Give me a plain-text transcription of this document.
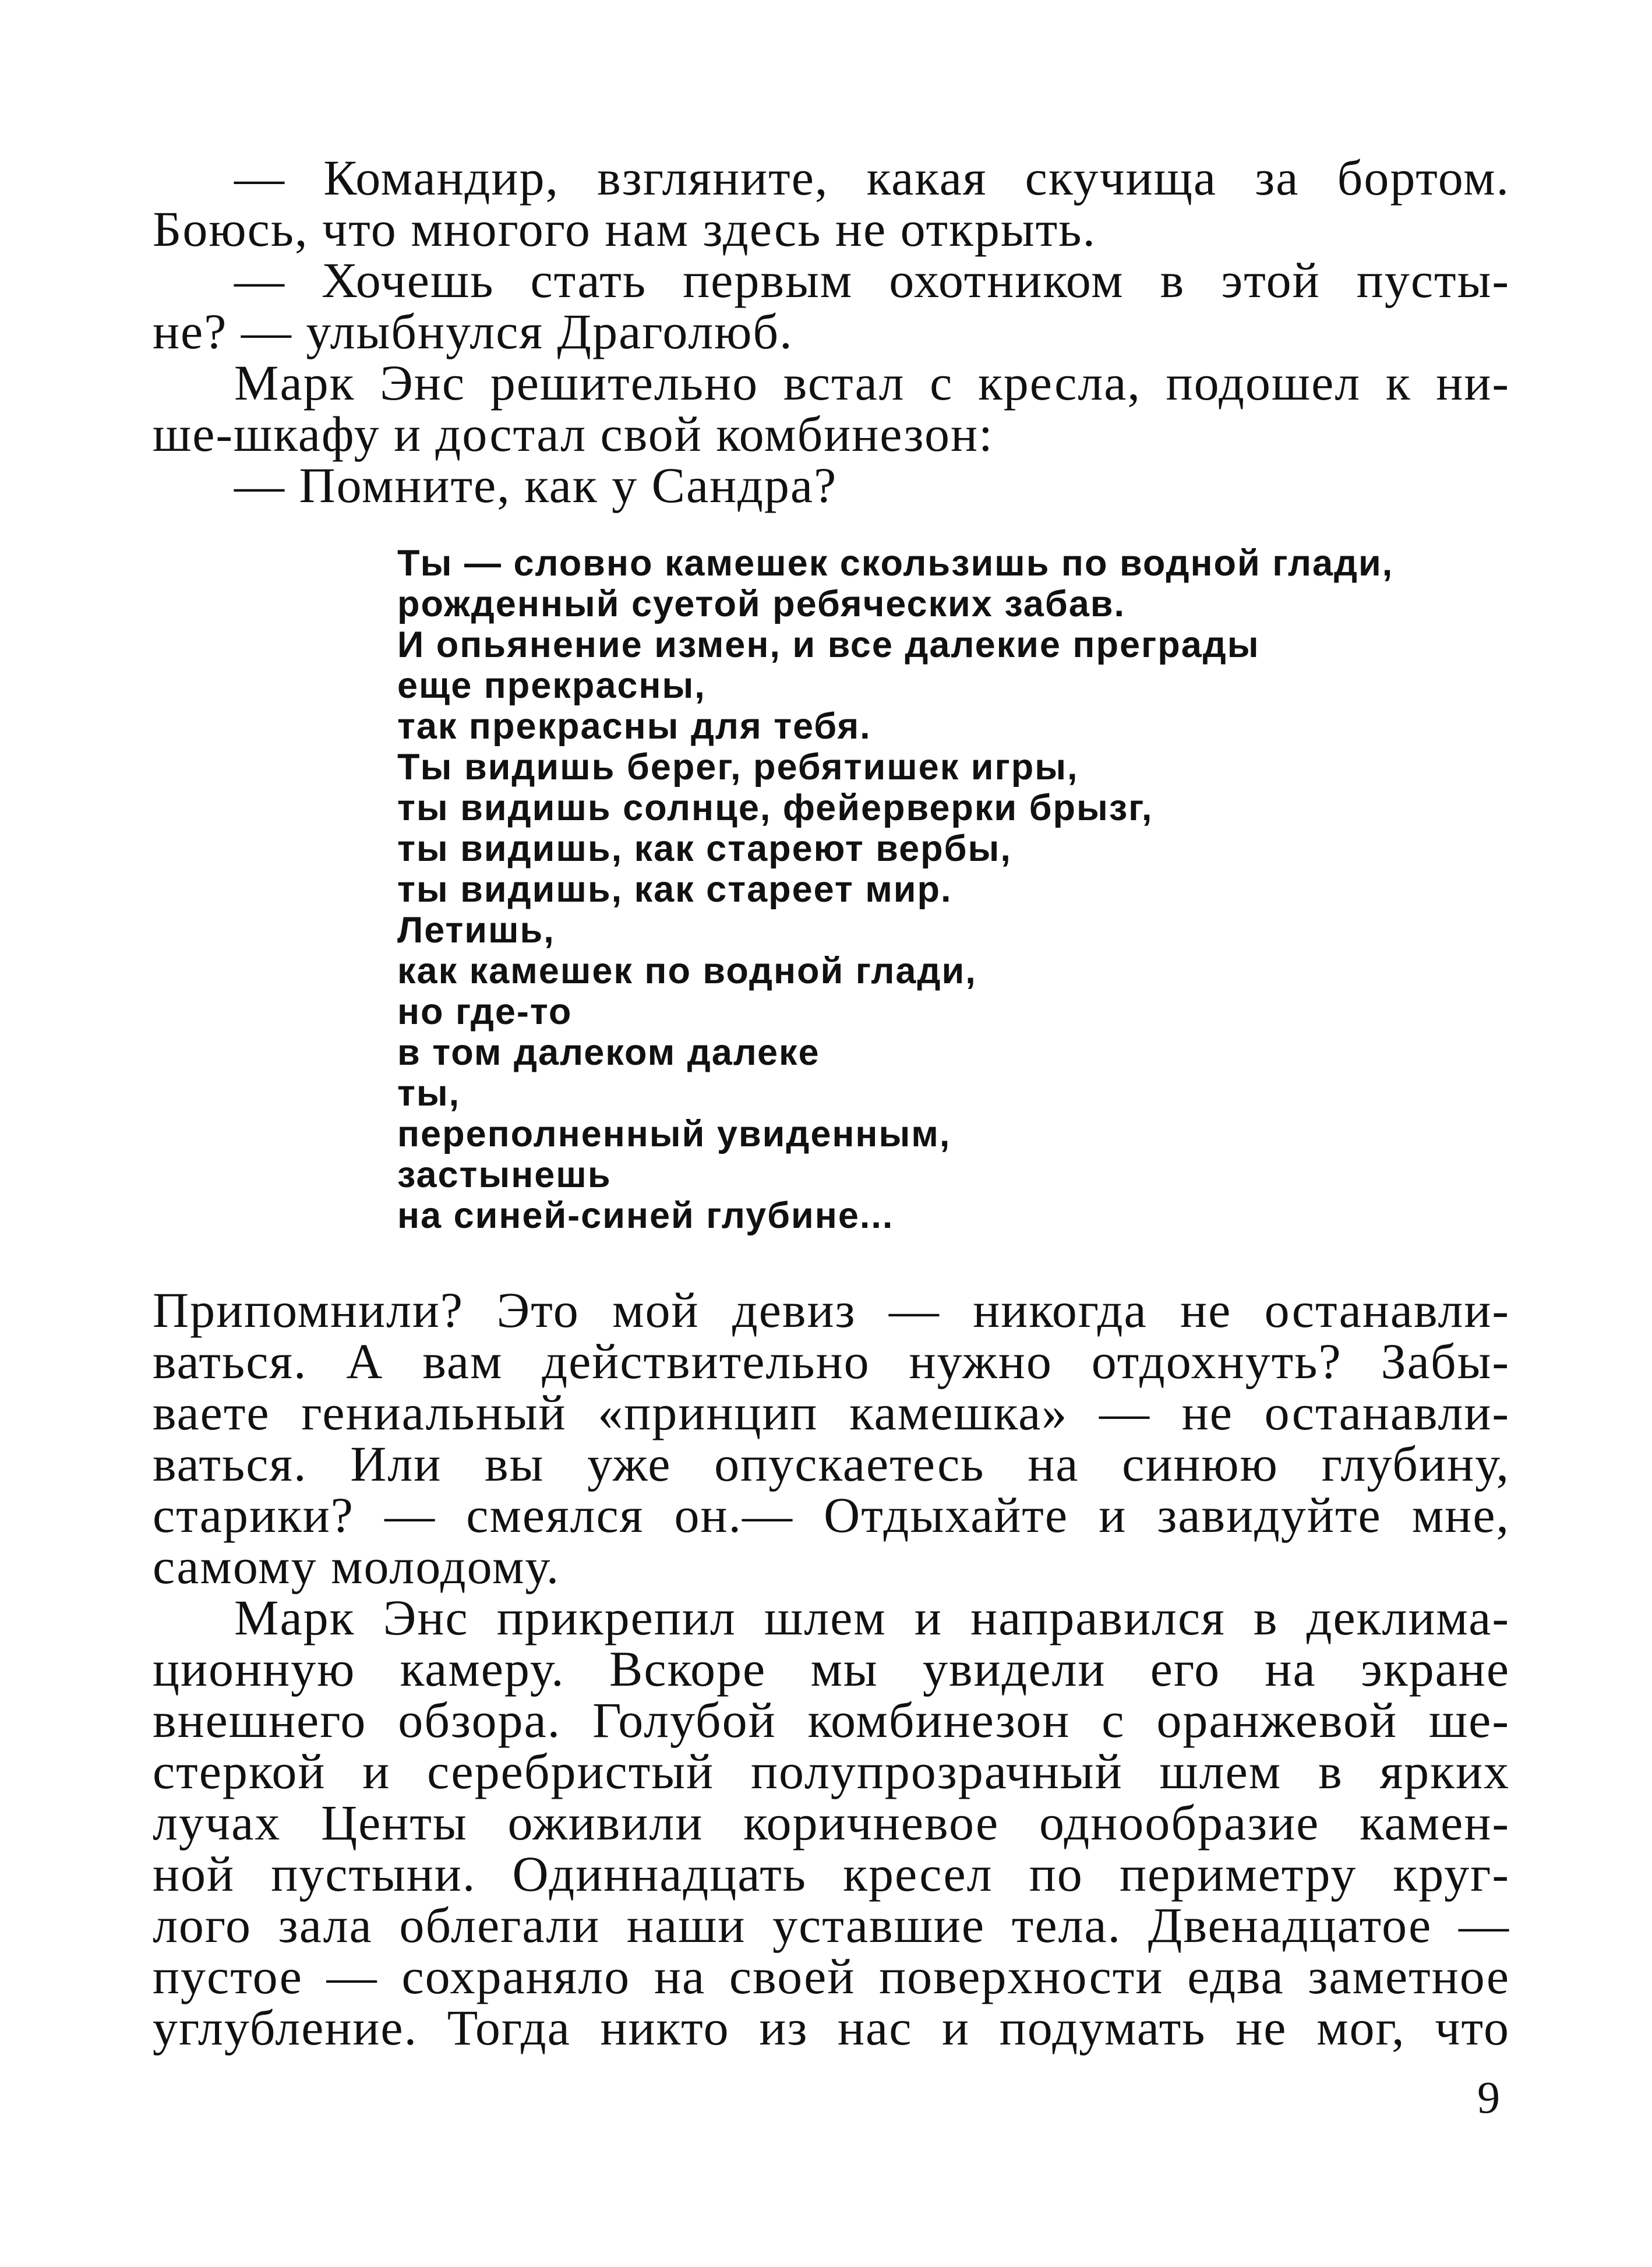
— Командир, взгляните, какая скучища за бортом.
Боюсь, что многого нам здесь не открыть.
— Хочешь стать первым охотником в этой пусты-
не? — улыбнулся Драголюб.
Марк Энс решительно встал с кресла, подошел к ни-
ше-шкафу и достал свой комбинезон:
— Помните, как у Сандра?
Ты — словно камешек скользишь по водной глади,
рожденный суетой ребяческих забав.
И опьянение измен, и все далекие преграды
еще прекрасны,
так прекрасны для тебя.
Ты видишь берег, ребятишек игры,
ты видишь солнце, фейерверки брызг,
ты видишь, как стареют вербы,
ты видишь, как стареет мир.
Летишь,
как камешек по водной глади,
но где-то
в том далеком далеке
ты,
переполненный увиденным,
застынешь
на синей-синей глубине...
Припомнили? Это мой девиз — никогда не останавли-
ваться. А вам действительно нужно отдохнуть? Забы-
ваете гениальный «принцип камешка» — не останавли-
ваться. Или вы уже опускаетесь на синюю глубину,
старики? — смеялся он.— Отдыхайте и завидуйте мне,
самому молодому.
Марк Энс прикрепил шлем и направился в деклима-
ционную камеру. Вскоре мы увидели его на экране
внешнего обзора. Голубой комбинезон с оранжевой ше-
стеркой и серебристый полупрозрачный шлем в ярких
лучах Центы оживили коричневое однообразие камен-
ной пустыни. Одиннадцать кресел по периметру круг-
лого зала облегали наши уставшие тела. Двенадцатое —
пустое — сохраняло на своей поверхности едва заметное
углубление. Тогда никто из нас и подумать не мог, что
9
